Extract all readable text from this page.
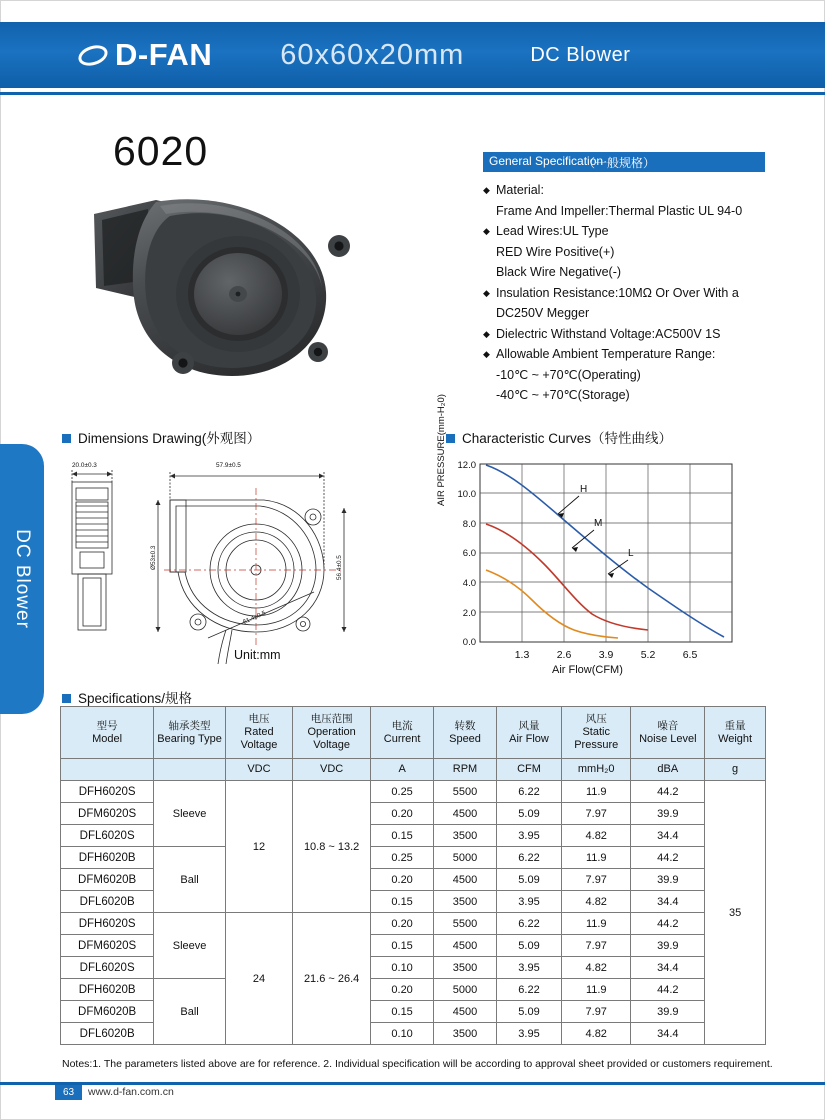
D-FAN 60x60x20mm	DC Blower
DC Blower
6020	General Specification
（一般规格）
◆ Material:
Frame And Impeller:Thermal Plastic UL 94-0
◆ Lead Wires:UL Type
RED Wire Positive(+)
Black Wire Negative(-)
◆ Insulation Resistance:10MΩ Or Over With a
DC250V Megger
◆ Dielectric Withstand Voltage:AC500V 1S
◆ Allowable Ambient Temperature Range:
-10℃ ~ +70℃(Operating)
-40℃ ~ +70℃(Storage)
Dimensions Drawing(外观图）	Characteristic Curves（特性曲线）
Specifications/规格
20.0±0.3	57.9±0.5
Ø53±0.3	56.4±0.5
61.4±0.5
Unit:mm
H
M
L
12.0
10.0
8.0
6.0
4.0
2.0
0.0
1.3	2.6	3.9	5.2	6.5
AIR PRESSURE(mm-H₂0)
Air Flow(CFM)
型号
Model

轴承类型
Bearing Type

电压
Rated Voltage

电压范围
Operation Voltage

电流
Current

转数
Speed

风量
Air Flow

风压
Static Pressure

噪音
Noise Level

重量
Weight

		VDC	VDC	A	RPM	CFM	mmH₂0	dBA	g
DFH6020S	Sleeve	12	10.8 ~ 13.2	0.25	5500	6.22	11.9	44.2	35
DFM6020S				0.20	4500	5.09	7.97	39.9	
DFL6020S				0.15	3500	3.95	4.82	34.4	
DFH6020B	Ball			0.25	5000	6.22	11.9	44.2	
DFM6020B				0.20	4500	5.09	7.97	39.9	
DFL6020B				0.15	3500	3.95	4.82	34.4	
DFH6020S	Sleeve	24	21.6 ~ 26.4	0.20	5500	6.22	11.9	44.2	
DFM6020S				0.15	4500	5.09	7.97	39.9	
DFL6020S				0.10	3500	3.95	4.82	34.4	
DFH6020B	Ball			0.20	5000	6.22	11.9	44.2	
DFM6020B				0.15	4500	5.09	7.97	39.9	
DFL6020B				0.10	3500	3.95	4.82	34.4	
Notes:1. The parameters listed above are for reference. 2. Individual specification will be according to approval sheet provided or customers requirement.
63	www.d-fan.com.cn
